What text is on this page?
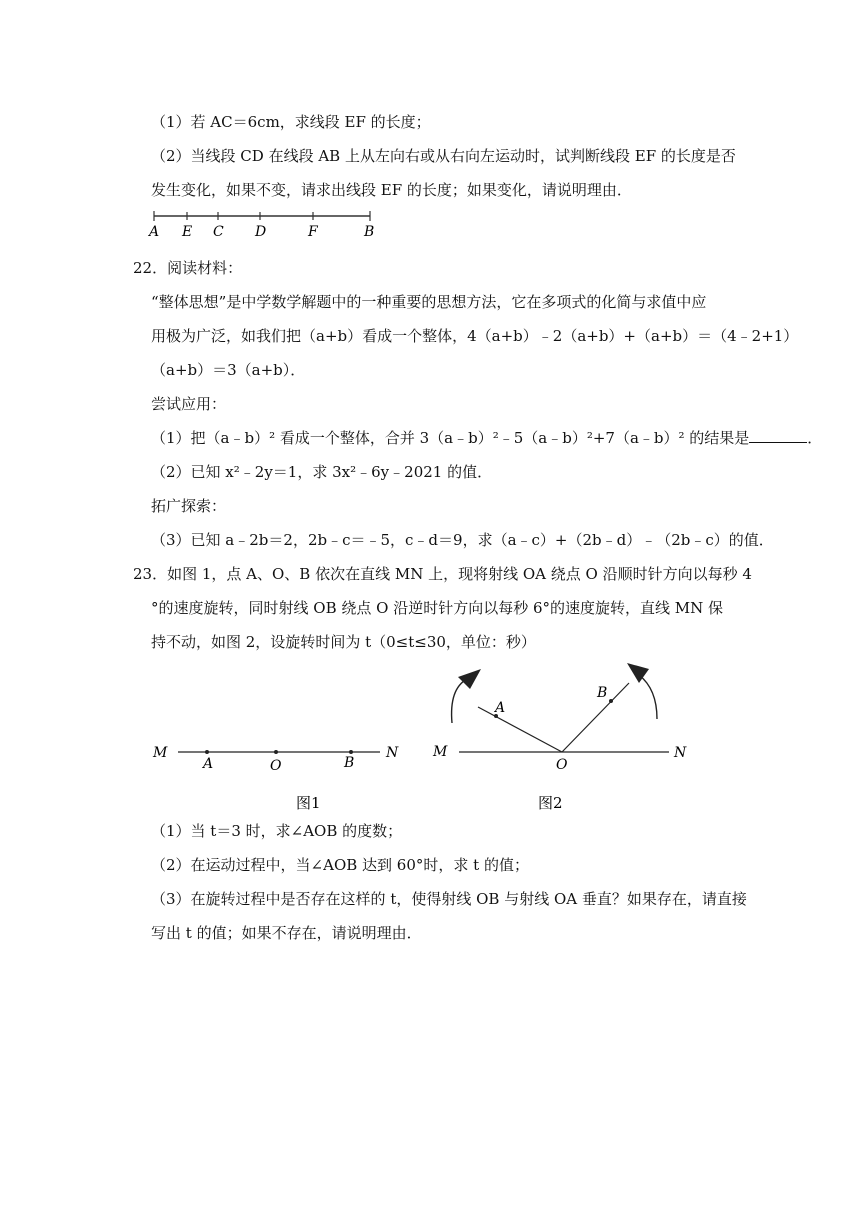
（1）若 AC＝6cm，求线段 EF 的长度；
（2）当线段 CD 在线段 AB 上从左向右或从右向左运动时，试判断线段 EF 的长度是否
发生变化，如果不变，请求出线段 EF 的长度；如果变化，请说明理由．
A E C D	F	B
22．阅读材料：
“整体思想”是中学数学解题中的一种重要的思想方法，它在多项式的化简与求值中应
用极为广泛，如我们把（a+b）看成一个整体，4（a+b）﹣2（a+b）+（a+b）＝（4﹣2+1）
（a+b）＝3（a+b）．
尝试应用：
（1）把（a﹣b）² 看成一个整体，合并 3（a﹣b）²﹣5（a﹣b）²+7（a﹣b）² 的结果是	．
（2）已知 x²﹣2y＝1，求 3x²﹣6y﹣2021 的值．
拓广探索：
（3）已知 a﹣2b＝2，2b﹣c＝﹣5，c﹣d＝9，求（a﹣c）+（2b﹣d）﹣（2b﹣c）的值．
23．如图 1，点 A、O、B 依次在直线 MN 上，现将射线 OA 绕点 O 沿顺时针方向以每秒 4
°的速度旋转，同时射线 OB 绕点 O 沿逆时针方向以每秒 6°的速度旋转，直线 MN 保
持不动，如图 2，设旋转时间为 t（0≤t≤30，单位：秒）
M
A	O	B
N
图1
M
A
B
O
N
图2
（1）当 t＝3 时，求∠AOB 的度数；
（2）在运动过程中，当∠AOB 达到 60°时，求 t 的值；
（3）在旋转过程中是否存在这样的 t，使得射线 OB 与射线 OA 垂直？如果存在，请直接
写出 t 的值；如果不存在，请说明理由．
